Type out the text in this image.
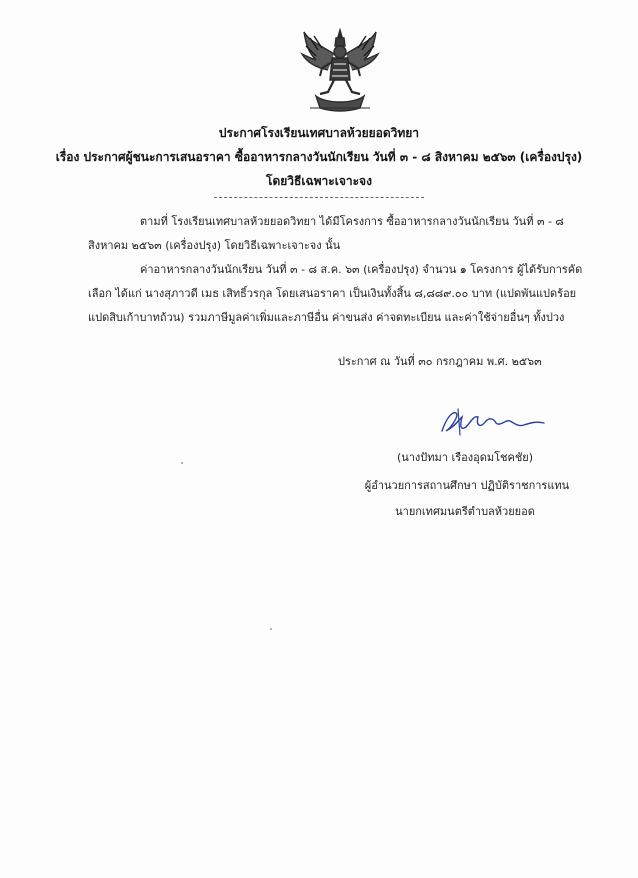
ประกาศโรงเรียนเทศบาลห้วยยอดวิทยา
เรื่อง ประกาศผู้ชนะการเสนอราคา ซื้ออาหารกลางวันนักเรียน วันที่ ๓ - ๘ สิงหาคม ๒๕๖๓ (เครื่องปรุง)
โดยวิธีเฉพาะเจาะจง
ตามที่ โรงเรียนเทศบาลห้วยยอดวิทยา ได้มีโครงการ ซื้ออาหารกลางวันนักเรียน วันที่ ๓ - ๘ สิงหาคม ๒๕๖๓ (เครื่องปรุง) โดยวิธีเฉพาะเจาะจง นั้น
ค่าอาหารกลางวันนักเรียน วันที่ ๓ - ๘ ส.ค. ๖๓ (เครื่องปรุง) จำนวน ๑ โครงการ ผู้ได้รับการคัดเลือก ได้แก่ นางสุภาวดี เมธ เสิทธิ์วรกุล โดยเสนอราคา เป็นเงินทั้งสิ้น ๘,๘๘๙.๐๐ บาท (แปดพันแปดร้อยแปดสิบเก้าบาทถ้วน) รวมภาษีมูลค่าเพิ่มและภาษีอื่น ค่าขนส่ง ค่าจดทะเบียน และค่าใช้จ่ายอื่นๆ ทั้งปวง
ประกาศ ณ วันที่ ๓๐ กรกฎาคม พ.ศ. ๒๕๖๓
(นางปัทมา เรืองอุดมโชคชัย)
ผู้อำนวยการสถานศึกษา ปฏิบัติราชการแทน
นายกเทศมนตรีตำบลห้วยยอด
